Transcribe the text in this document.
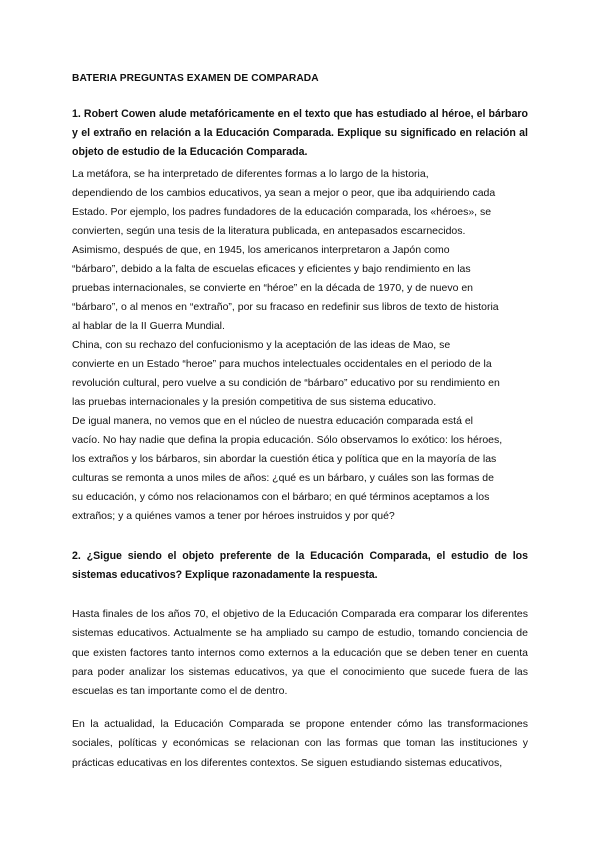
BATERIA PREGUNTAS EXAMEN DE COMPARADA
1. Robert Cowen alude metafóricamente en el texto que has estudiado al héroe, el bárbaro y el extraño en relación a la Educación Comparada. Explique su significado en relación al objeto de estudio de la Educación Comparada.
La metáfora, se ha interpretado de diferentes formas a lo largo de la historia,
dependiendo de los cambios educativos, ya sean a mejor o peor, que iba adquiriendo cada
Estado. Por ejemplo, los padres fundadores de la educación comparada, los «héroes», se
convierten, según una tesis de la literatura publicada, en antepasados escarnecidos.
Asimismo, después de que, en 1945, los americanos interpretaron a Japón como
“bárbaro”, debido a la falta de escuelas eficaces y eficientes y bajo rendimiento en las
pruebas internacionales, se convierte en “héroe” en la década de 1970, y de nuevo en
“bárbaro”, o al menos en “extraño”, por su fracaso en redefinir sus libros de texto de historia
al hablar de la II Guerra Mundial.
China, con su rechazo del confucionismo y la aceptación de las ideas de Mao, se
convierte en un Estado “heroe” para muchos intelectuales occidentales en el periodo de la
revolución cultural, pero vuelve a su condición de “bárbaro” educativo por su rendimiento en
las pruebas internacionales y la presión competitiva de sus sistema educativo.
De igual manera, no vemos que en el núcleo de nuestra educación comparada está el
vacío. No hay nadie que defina la propia educación. Sólo observamos lo exótico: los héroes,
los extraños y los bárbaros, sin abordar la cuestión ética y política que en la mayoría de las
culturas se remonta a unos miles de años: ¿qué es un bárbaro, y cuáles son las formas de
su educación, y cómo nos relacionamos con el bárbaro; en qué términos aceptamos a los
extraños; y a quiénes vamos a tener por héroes instruidos y por qué?
2. ¿Sigue siendo el objeto preferente de la Educación Comparada, el estudio de los sistemas educativos? Explique razonadamente la respuesta.
Hasta finales de los años 70, el objetivo de la Educación Comparada era comparar los diferentes sistemas educativos. Actualmente se ha ampliado su campo de estudio, tomando conciencia de que existen factores tanto internos como externos a la educación que se deben tener en cuenta para poder analizar los sistemas educativos, ya que el conocimiento que sucede fuera de las escuelas es tan importante como el de dentro.
En la actualidad, la Educación Comparada se propone entender cómo las transformaciones sociales, políticas y económicas se relacionan con las formas que toman las instituciones y prácticas educativas en los diferentes contextos. Se siguen estudiando sistemas educativos,
